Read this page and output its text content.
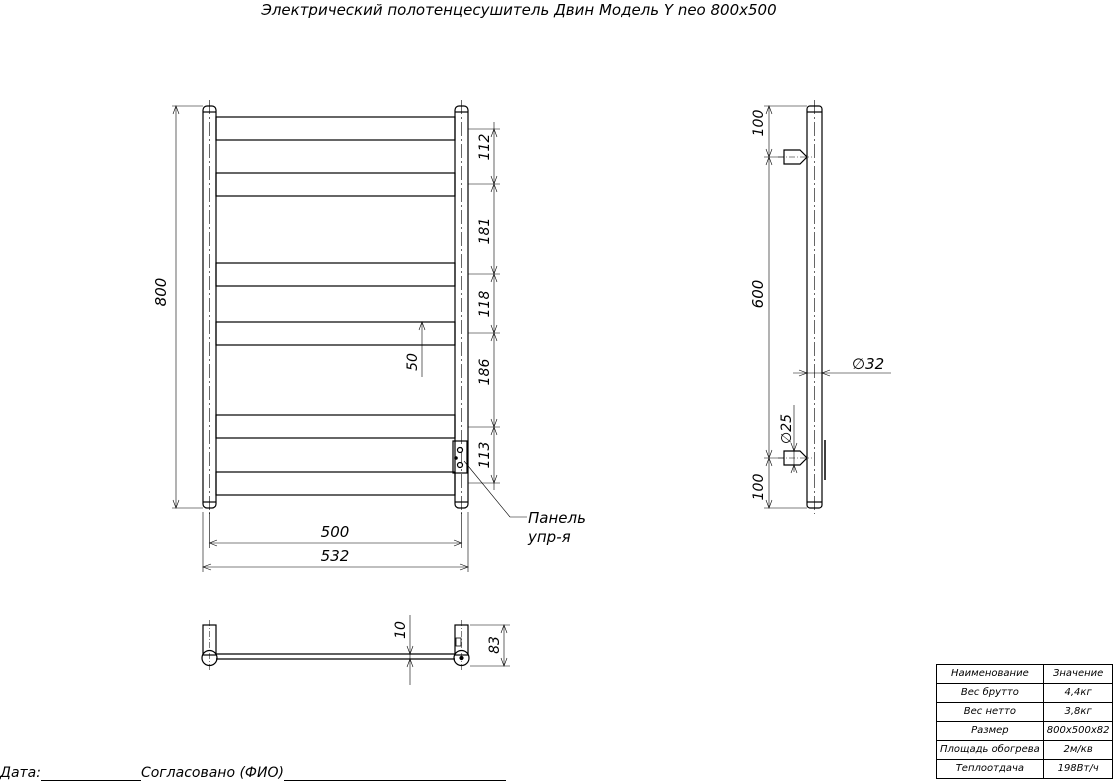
Электрический полотенцесушитель Двин Модель Y neo 800x500
800
112
181
118
186
113
50
500
532
Панель
упр-я
100
600
100
∅32
∅25
10
83
Наименование	Значение
Вес брутто	4,4кг
Вес нетто	3,8кг
Размер	800x500x82
Площадь обогрева	2м/кв
Теплоотдача	198Вт/ч
Дата:	Согласовано (ФИО)
